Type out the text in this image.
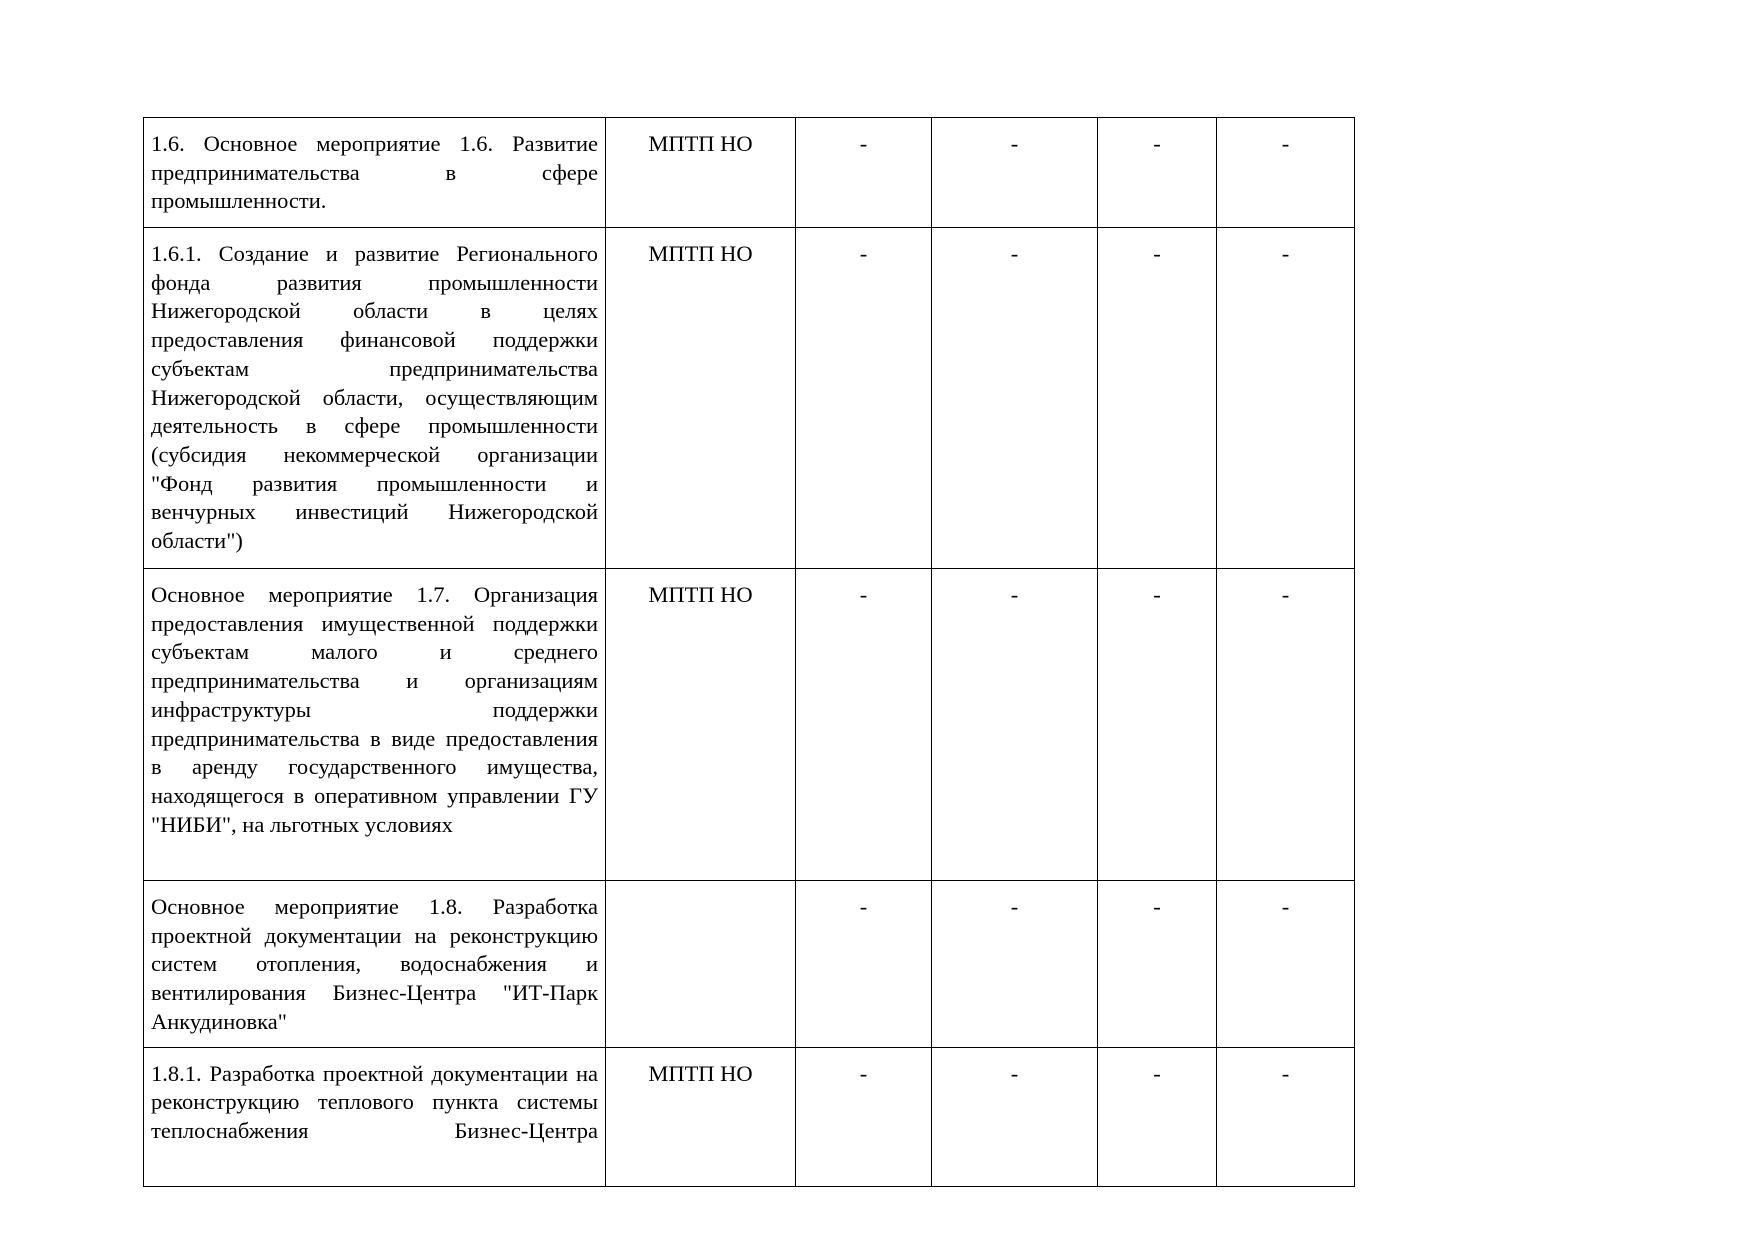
1.6. Основное мероприятие 1.6. Развитие предпринимательства в сфере промышленности.	МПТП НО	-	-	-	-
1.6.1. Создание и развитие Регионального фонда развития промышленности Нижегородской области в целях предоставления финансовой поддержки субъектам предпринимательства Нижегородской области, осуществляющим деятельность в сфере промышленности (субсидия некоммерческой организации "Фонд развития промышленности и венчурных инвестиций Нижегородской области")	МПТП НО	-	-	-	-
Основное мероприятие 1.7. Организация предоставления имущественной поддержки субъектам малого и среднего предпринимательства и организациям инфраструктуры поддержки предпринимательства в виде предоставления в аренду государственного имущества, находящегося в оперативном управлении ГУ "НИБИ", на льготных условиях	МПТП НО	-	-	-	-
Основное мероприятие 1.8. Разработка проектной документации на реконструкцию систем отопления, водоснабжения и вентилирования Бизнес-Центра "ИТ-Парк Анкудиновка"		-	-	-	-

1.8.1. Разработка проектной документации на реконструкцию теплового пункта системы теплоснабжения Бизнес-Центра	МПТП НО	-	-	-	-
